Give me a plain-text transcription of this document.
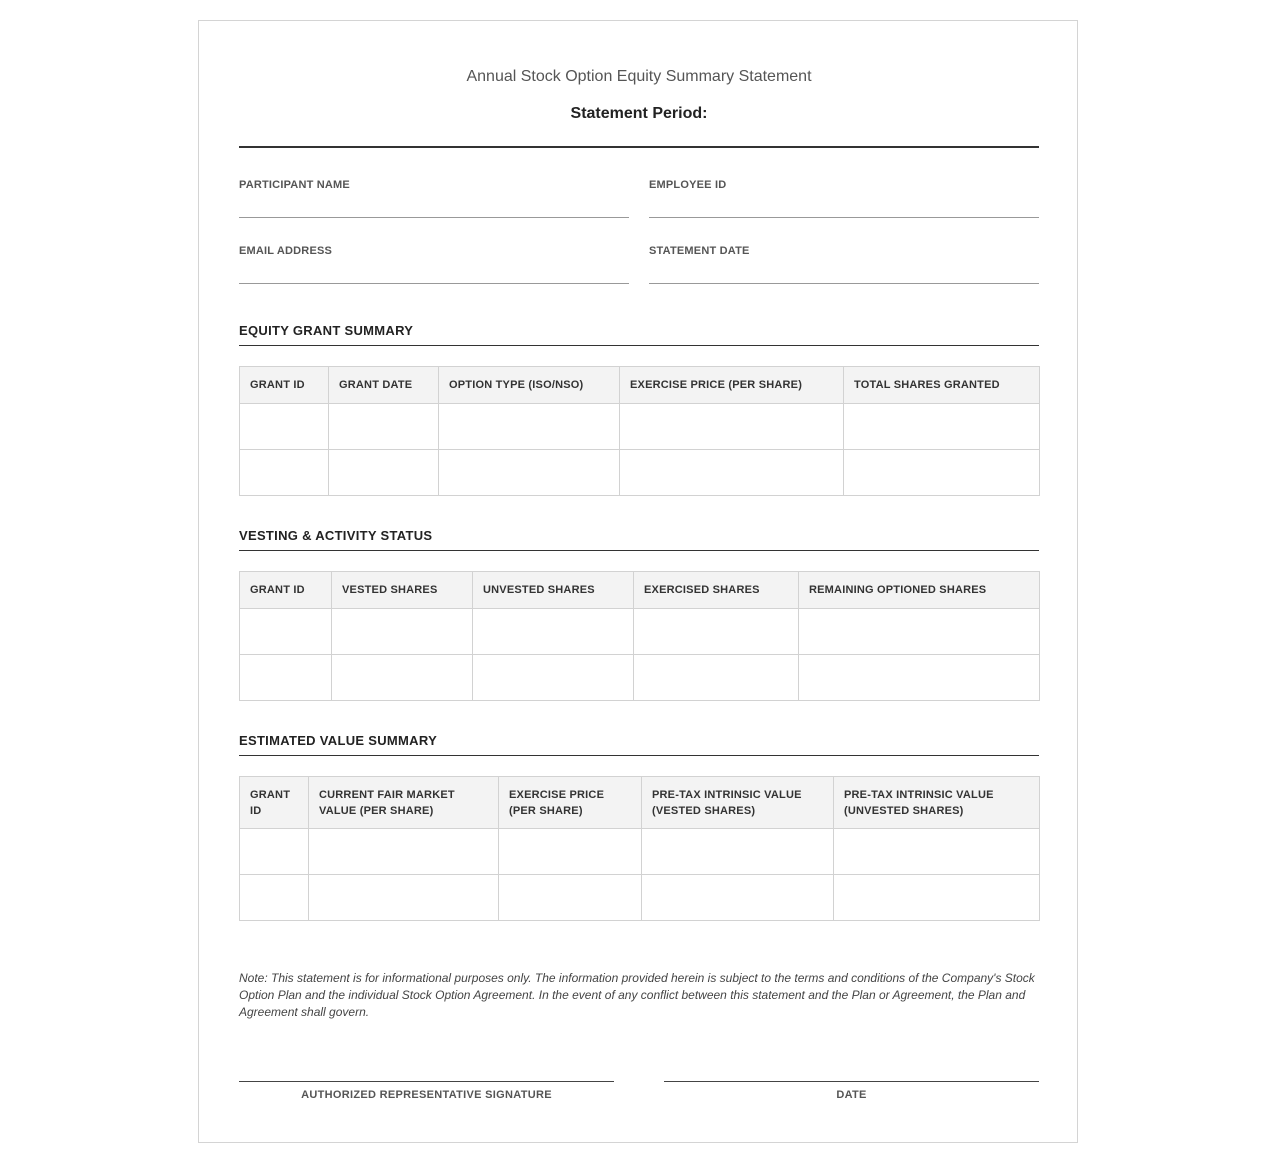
Annual Stock Option Equity Summary Statement
Statement Period:
PARTICIPANT NAME	EMPLOYEE ID
EMAIL ADDRESS	STATEMENT DATE
EQUITY GRANT SUMMARY
GRANT ID	GRANT DATE	OPTION TYPE (ISO/NSO)	EXERCISE PRICE (PER SHARE)	TOTAL SHARES GRANTED

VESTING & ACTIVITY STATUS
GRANT ID	VESTED SHARES	UNVESTED SHARES	EXERCISED SHARES	REMAINING OPTIONED SHARES

ESTIMATED VALUE SUMMARY
GRANT ID	CURRENT FAIR MARKET VALUE (PER SHARE)	EXERCISE PRICE (PER SHARE)	PRE-TAX INTRINSIC VALUE (VESTED SHARES)	PRE-TAX INTRINSIC VALUE (UNVESTED SHARES)

Note: This statement is for informational purposes only. The information provided herein is subject to the terms and conditions of the Company's Stock Option Plan and the individual Stock Option Agreement. In the event of any conflict between this statement and the Plan or Agreement, the Plan and Agreement shall govern.
AUTHORIZED REPRESENTATIVE SIGNATURE	DATE
